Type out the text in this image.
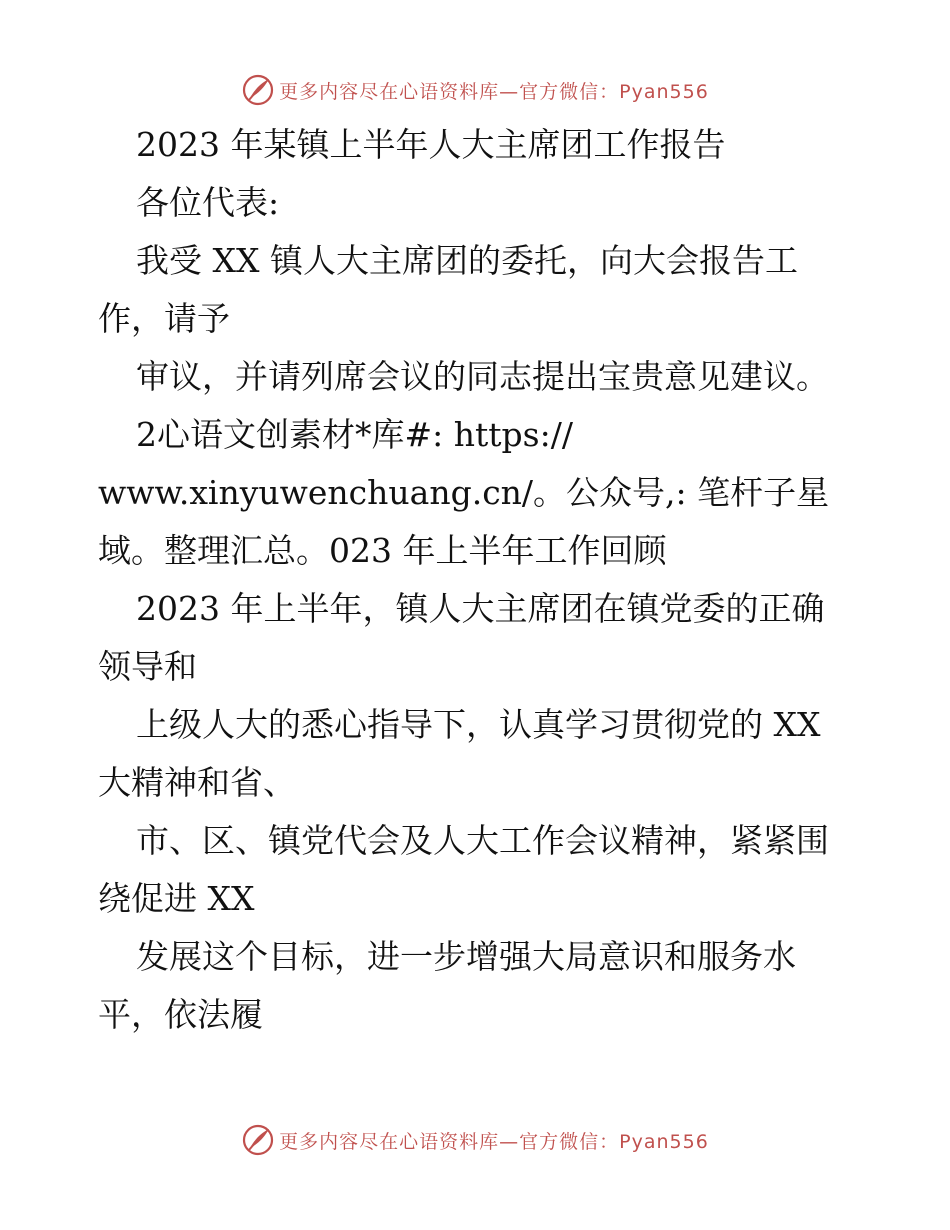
更多内容尽在心语资料库—官方微信：Pyan556
2023 年某镇上半年人大主席团工作报告
各位代表:
我受 XX 镇人大主席团的委托，向大会报告工
作，请予
审议，并请列席会议的同志提出宝贵意见建议。
2心语文创素材*库#: https://
www.xinyuwenchuang.cn/。公众号,: 笔杆子星
域。整理汇总。023 年上半年工作回顾
2023 年上半年，镇人大主席团在镇党委的正确
领导和
上级人大的悉心指导下，认真学习贯彻党的 XX
大精神和省、
市、区、镇党代会及人大工作会议精神，紧紧围
绕促进 XX
发展这个目标，进一步增强大局意识和服务水
平，依法履
更多内容尽在心语资料库—官方微信：Pyan556
